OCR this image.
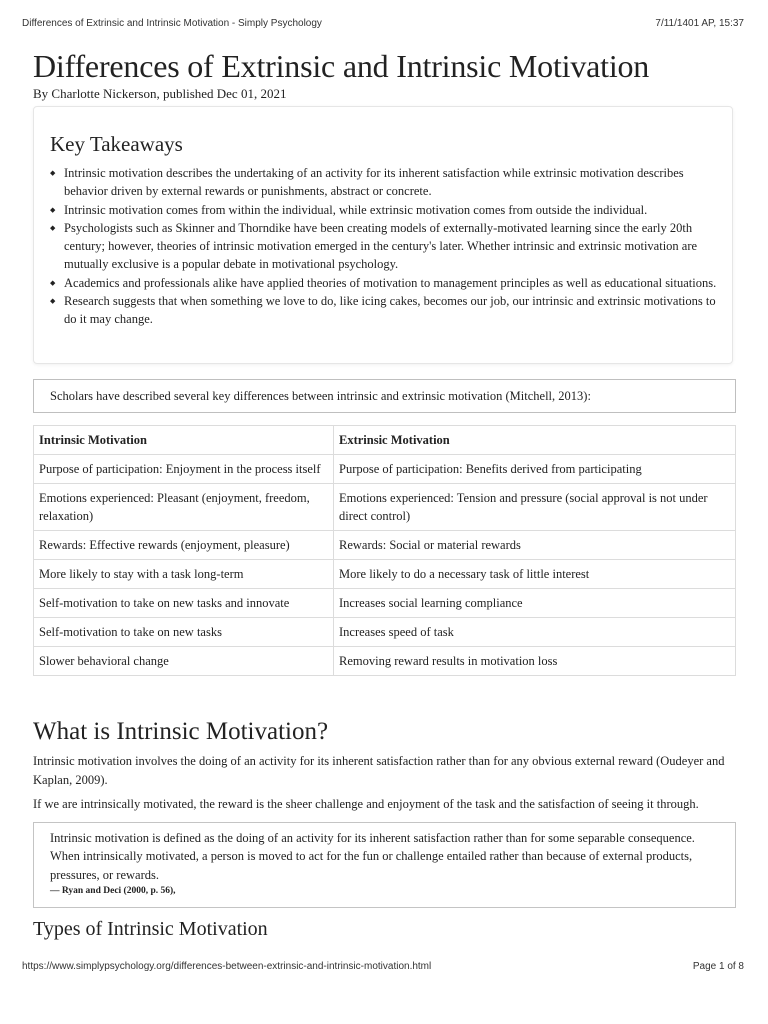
Differences of Extrinsic and Intrinsic Motivation - Simply Psychology	7/11/1401 AP, 15:37
Differences of Extrinsic and Intrinsic Motivation
By Charlotte Nickerson, published Dec 01, 2021
Key Takeaways
◆ Intrinsic motivation describes the undertaking of an activity for its inherent satisfaction while extrinsic motivation describes behavior driven by external rewards or punishments, abstract or concrete.
◆ Intrinsic motivation comes from within the individual, while extrinsic motivation comes from outside the individual.
◆ Psychologists such as Skinner and Thorndike have been creating models of externally-motivated learning since the early 20th century; however, theories of intrinsic motivation emerged in the century's later. Whether intrinsic and extrinsic motivation are mutually exclusive is a popular debate in motivational psychology.
◆ Academics and professionals alike have applied theories of motivation to management principles as well as educational situations.
◆ Research suggests that when something we love to do, like icing cakes, becomes our job, our intrinsic and extrinsic motivations to do it may change.
Scholars have described several key differences between intrinsic and extrinsic motivation (Mitchell, 2013):
Intrinsic Motivation	Extrinsic Motivation
Purpose of participation: Enjoyment in the process itself	Purpose of participation: Benefits derived from participating
Emotions experienced: Pleasant (enjoyment, freedom, relaxation)	Emotions experienced: Tension and pressure (social approval is not under direct control)
Rewards: Effective rewards (enjoyment, pleasure)	Rewards: Social or material rewards
More likely to stay with a task long-term	More likely to do a necessary task of little interest
Self-motivation to take on new tasks and innovate	Increases social learning compliance
Self-motivation to take on new tasks	Increases speed of task
Slower behavioral change	Removing reward results in motivation loss
What is Intrinsic Motivation?

Intrinsic motivation involves the doing of an activity for its inherent satisfaction rather than for any obvious external reward (Oudeyer and Kaplan, 2009).

If we are intrinsically motivated, the reward is the sheer challenge and enjoyment of the task and the satisfaction of seeing it through.

Intrinsic motivation is defined as the doing of an activity for its inherent satisfaction rather than for some separable consequence. When intrinsically motivated, a person is moved to act for the fun or challenge entailed rather than because of external products, pressures, or rewards.
— Ryan and Deci (2000, p. 56),
Types of Intrinsic Motivation
https://www.simplypsychology.org/differences-between-extrinsic-and-intrinsic-motivation.html	Page 1 of 8
